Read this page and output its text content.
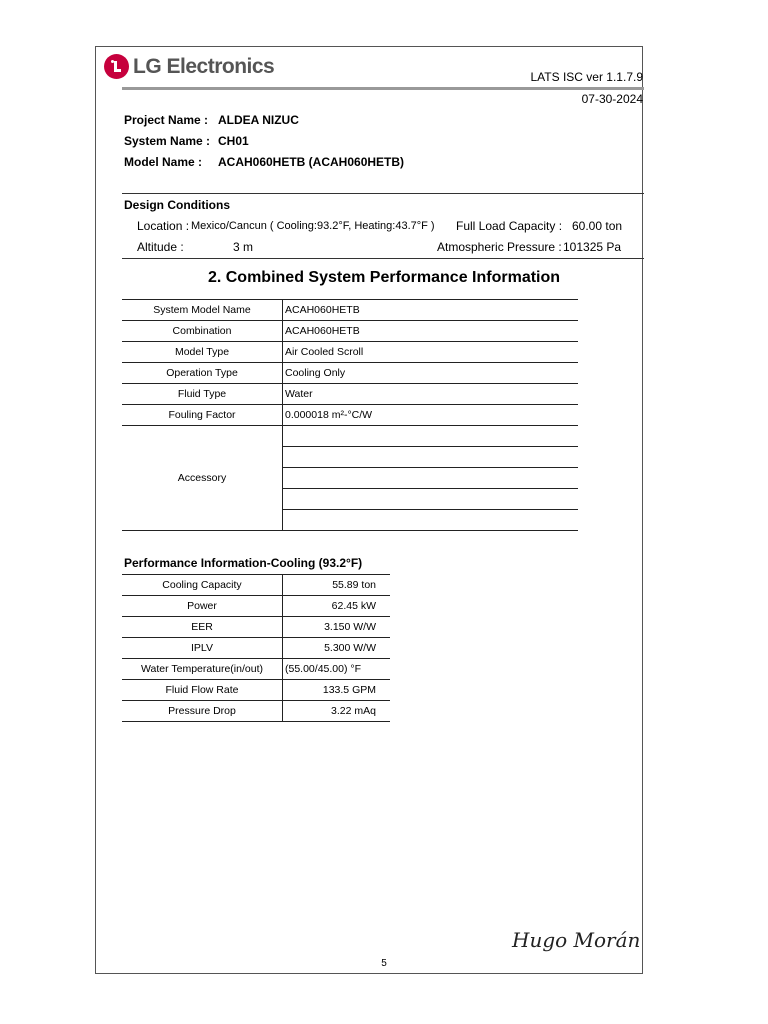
LG Electronics	LATS ISC ver 1.1.7.9
07-30-2024
Project Name : ALDEA NIZUC
System Name : CH01
Model Name : ACAH060HETB (ACAH060HETB)
Design Conditions
Location : Mexico/Cancun ( Cooling:93.2°F, Heating:43.7°F ) Full Load Capacity : 60.00 ton
Altitude :	3 m	Atmospheric Pressure : 101325 Pa
2. Combined System Performance Information
System Model Name	ACAH060HETB
Combination	ACAH060HETB
Model Type	Air Cooled Scroll
Operation Type	Cooling Only
Fluid Type	Water
Fouling Factor	0.000018 m²-°C/W
Accessory	

Performance Information-Cooling (93.2°F)
Cooling Capacity	55.89 ton
Power	62.45 kW
EER	3.150 W/W
IPLV	5.300 W/W
Water Temperature(in/out)	(55.00/45.00) °F
Fluid Flow Rate	133.5 GPM
Pressure Drop	3.22 mAq
Hugo Morán
5
